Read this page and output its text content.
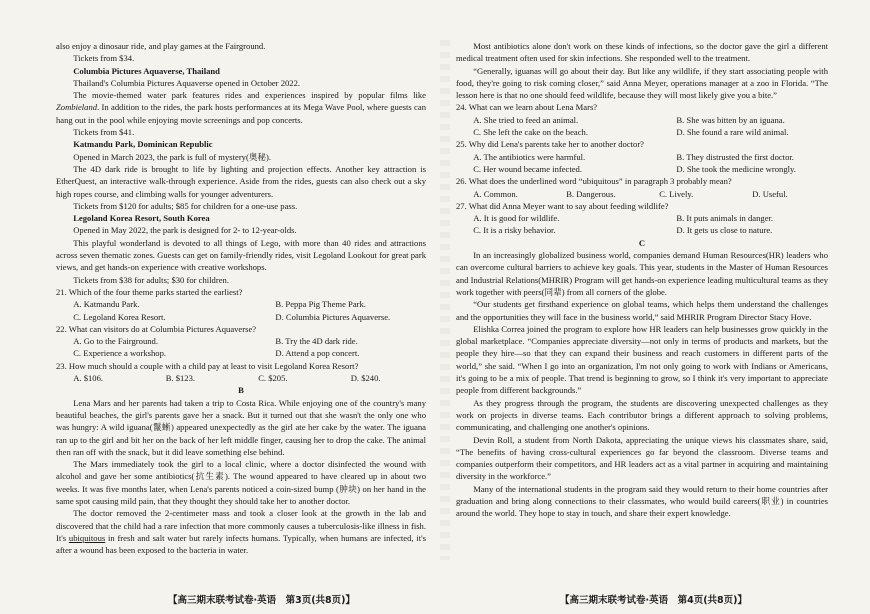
also enjoy a dinosaur ride, and play games at the Fairground.

Tickets from $34.

Columbia Pictures Aquaverse, Thailand

Thailand's Columbia Pictures Aquaverse opened in October 2022.

The movie-themed water park features rides and experiences inspired by popular films like Zombieland. In addition to the rides, the park hosts performances at its Mega Wave Pool, where guests can hang out in the pool while enjoying movie screenings and pop concerts.

Tickets from $41.

Katmandu Park, Dominican Republic

Opened in March 2023, the park is full of mystery(奥秘).

The 4D dark ride is brought to life by lighting and projection effects. Another key attraction is EtherQuest, an interactive walk-through experience. Aside from the rides, guests can also check out a sky high ropes course, and climbing walls for younger adventurers.

Tickets from $120 for adults; $85 for children for a one-use pass.

Legoland Korea Resort, South Korea

Opened in May 2022, the park is designed for 2- to 12-year-olds.

This playful wonderland is devoted to all things of Lego, with more than 40 rides and attractions across seven thematic zones. Guests can get on family-friendly rides, visit Legoland Lookout for great park views, and get hands-on experience with creative workshops.

Tickets from $38 for adults; $30 for children.

21. Which of the four theme parks started the earliest?

A. Katmandu Park.	B. Peppa Pig Theme Park.
C. Legoland Korea Resort.	D. Columbia Pictures Aquaverse.

22. What can visitors do at Columbia Pictures Aquaverse?

A. Go to the Fairground.	B. Try the 4D dark ride.
C. Experience a workshop.	D. Attend a pop concert.

23. How much should a couple with a child pay at least to visit Legoland Korea Resort?

A. $106.	B. $123.	C. $205.	D. $240.

B

Lena Mars and her parents had taken a trip to Costa Rica. While enjoying one of the country's many beautiful beaches, the girl's parents gave her a snack. But it turned out that she wasn't the only one who was hungry: A wild iguana(鬣蜥) appeared unexpectedly as the girl ate her cake by the water. The iguana ran up to the girl and bit her on the back of her left middle finger, causing her to drop the cake. The animal then ran off with the snack, but it did leave something else behind.

The Mars immediately took the girl to a local clinic, where a doctor disinfected the wound with alcohol and gave her some antibiotics(抗生素). The wound appeared to have cleared up in about two weeks. It was five months later, when Lena's parents noticed a coin-sized bump (肿块) on her hand in the same spot causing mild pain, that they thought they should take her to another doctor.

The doctor removed the 2-centimeter mass and took a closer look at the growth in the lab and discovered that the child had a rare infection that more commonly causes a tuberculosis-like illness in fish. It's ubiquitous in fresh and salt water but rarely infects humans. Typically, when humans are infected, it's after a wound has been exposed to the bacteria in water.

Most antibiotics alone don't work on these kinds of infections, so the doctor gave the girl a different medical treatment often used for skin infections. She responded well to the treatment.

“Generally, iguanas will go about their day. But like any wildlife, if they start associating people with food, they're going to risk coming closer,” said Anna Meyer, operations manager at a zoo in Florida. “The lesson here is that no one should feed wildlife, because they will most likely give you a bite.”

24. What can we learn about Lena Mars?

A. She tried to feed an animal.	B. She was bitten by an iguana.
C. She left the cake on the beach.	D. She found a rare wild animal.

25. Why did Lena's parents take her to another doctor?

A. The antibiotics were harmful.	B. They distrusted the first doctor.
C. Her wound became infected.	D. She took the medicine wrongly.

26. What does the underlined word “ubiquitous” in paragraph 3 probably mean?

A. Common.	B. Dangerous.	C. Lively.	D. Useful.

27. What did Anna Meyer want to say about feeding wildlife?

A. It is good for wildlife.	B. It puts animals in danger.
C. It is a risky behavior.	D. It gets us close to nature.

C

In an increasingly globalized business world, companies demand Human Resources(HR) leaders who can overcome cultural barriers to achieve key goals. This year, students in the Master of Human Resources and Industrial Relations(MHRIR) Program will get hands-on experience leading multicultural teams as they work together with peers(同辈) from all corners of the globe.

“Our students get firsthand experience on global teams, which helps them understand the challenges and the opportunities they will face in the business world,” said MHRIR Program Director Stacy Hove.

Elishka Correa joined the program to explore how HR leaders can help businesses grow quickly in the global marketplace. “Companies appreciate diversity—not only in terms of products and markets, but the people they hire—so that they can expand their business and reach customers in different parts of the world,” she said. “When I go into an organization, I'm not only going to work with Indians or Americans, it's going to be a mix of people. That trend is beginning to grow, so I think it's very important to appreciate people from different backgrounds.”

As they progress through the program, the students are discovering unexpected challenges as they work on projects in diverse teams. Each contributor brings a different approach to solving problems, communicating, and challenging one another's opinions.

Devin Roll, a student from North Dakota, appreciating the unique views his classmates share, said, “The benefits of having cross-cultural experiences go far beyond the classroom. Diverse teams and companies outperform their competitors, and HR leaders act as a vital partner in acquiring and maintaining diversity in the workforce.”

Many of the international students in the program said they would return to their home countries after graduation and bring along connections to their classmates, who would build careers(职业) in countries around the world. They hope to stay in touch, and share their expert knowledge.

【高三期末联考试卷·英语　第3页(共8页)】	【高三期末联考试卷·英语　第4页(共8页)】
